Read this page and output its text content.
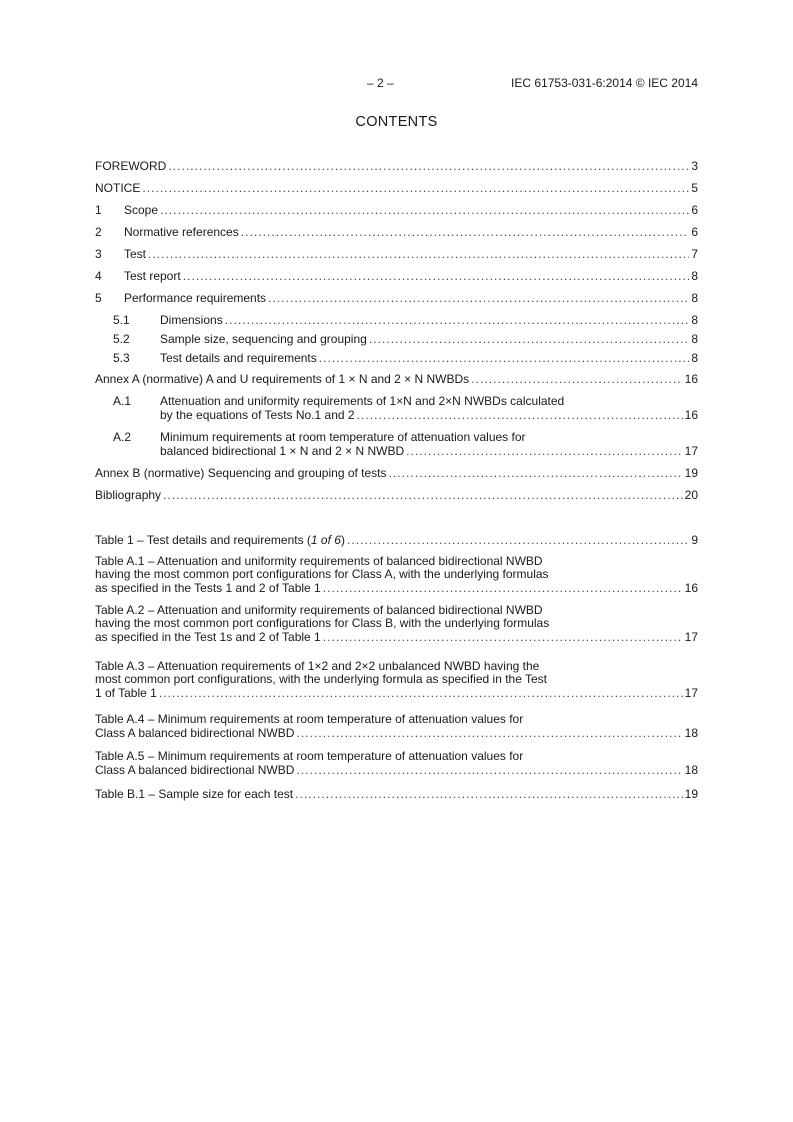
– 2 –	IEC 61753-031-6:2014 © IEC 2014
CONTENTS
FOREWORD .....	3
NOTICE .....	5
1	Scope .....	6
2	Normative references .....	6
3	Test .....	7
4	Test report .....	8
5	Performance requirements .....	8
5.1	Dimensions .....	8
5.2	Sample size, sequencing and grouping .....	8
5.3	Test details and requirements .....	8
Annex A (normative) A and U requirements of 1 × N and 2 × N NWBDs .....	16
A.1	Attenuation and uniformity requirements of 1×N and 2×N NWBDs calculated
by the equations of Tests No.1 and 2 .....	16
A.2	Minimum requirements at room temperature of attenuation values for
balanced bidirectional 1 × N and 2 × N NWBD .....	17
Annex B (normative) Sequencing and grouping of tests .....	19
Bibliography .....	20
Table 1 – Test details and requirements (1 of 6) .....	9
Table A.1 – Attenuation and uniformity requirements of balanced bidirectional NWBD
having the most common port configurations for Class A, with the underlying formulas
as specified in the Tests 1 and 2 of Table 1 .....	16
Table A.2 – Attenuation and uniformity requirements of balanced bidirectional NWBD
having the most common port configurations for Class B, with the underlying formulas
as specified in the Test 1s and 2 of Table 1 .....	17
Table A.3 – Attenuation requirements of 1×2 and 2×2 unbalanced NWBD having the
most common port configurations, with the underlying formula as specified in the Test
1 of Table 1 .....	17
Table A.4 – Minimum requirements at room temperature of attenuation values for
Class A balanced bidirectional NWBD .....	18
Table A.5 – Minimum requirements at room temperature of attenuation values for
Class A balanced bidirectional NWBD .....	18
Table B.1 – Sample size for each test .....	19
